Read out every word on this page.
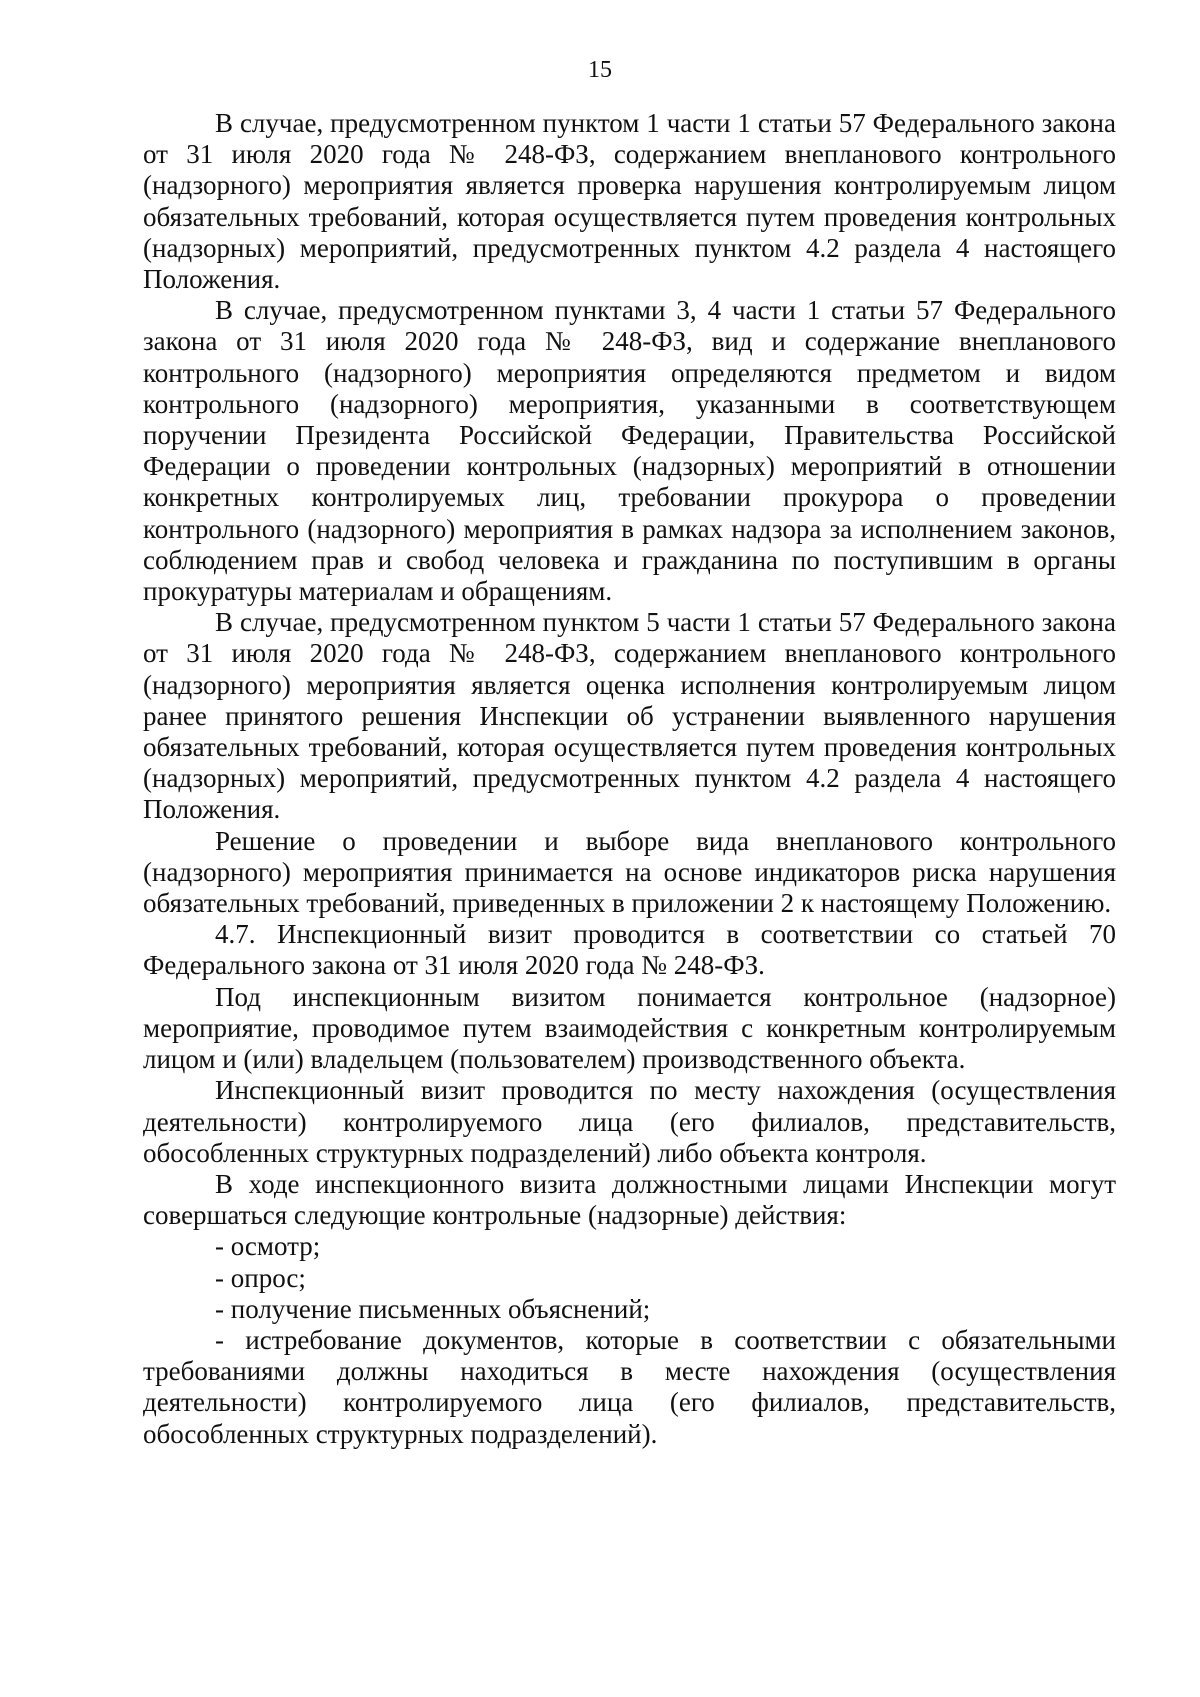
15

В случае, предусмотренном пунктом 1 части 1 статьи 57 Федерального закона от 31 июля 2020 года № 248-ФЗ, содержанием внепланового контрольного (надзорного) мероприятия является проверка нарушения контролируемым лицом обязательных требований, которая осуществляется путем проведения контрольных (надзорных) мероприятий, предусмотренных пунктом 4.2 раздела 4 настоящего Положения.

В случае, предусмотренном пунктами 3, 4 части 1 статьи 57 Федерального закона от 31 июля 2020 года № 248-ФЗ, вид и содержание внепланового контрольного (надзорного) мероприятия определяются предметом и видом контрольного (надзорного) мероприятия, указанными в соответствующем поручении Президента Российской Федерации, Правительства Российской Федерации о проведении контрольных (надзорных) мероприятий в отношении конкретных контролируемых лиц, требовании прокурора о проведении контрольного (надзорного) мероприятия в рамках надзора за исполнением законов, соблюдением прав и свобод человека и гражданина по поступившим в органы прокуратуры материалам и обращениям.

В случае, предусмотренном пунктом 5 части 1 статьи 57 Федерального закона от 31 июля 2020 года № 248-ФЗ, содержанием внепланового контрольного (надзорного) мероприятия является оценка исполнения контролируемым лицом ранее принятого решения Инспекции об устранении выявленного нарушения обязательных требований, которая осуществляется путем проведения контрольных (надзорных) мероприятий, предусмотренных пунктом 4.2 раздела 4 настоящего Положения.

Решение о проведении и выборе вида внепланового контрольного (надзорного) мероприятия принимается на основе индикаторов риска нарушения обязательных требований, приведенных в приложении 2 к настоящему Положению.

4.7. Инспекционный визит проводится в соответствии со статьей 70 Федерального закона от 31 июля 2020 года № 248-ФЗ.

Под инспекционным визитом понимается контрольное (надзорное) мероприятие, проводимое путем взаимодействия с конкретным контролируемым лицом и (или) владельцем (пользователем) производственного объекта.

Инспекционный визит проводится по месту нахождения (осуществления деятельности) контролируемого лица (его филиалов, представительств, обособленных структурных подразделений) либо объекта контроля.

В ходе инспекционного визита должностными лицами Инспекции могут совершаться следующие контрольные (надзорные) действия:

- осмотр;

- опрос;

- получение письменных объяснений;

- истребование документов, которые в соответствии с обязательными требованиями должны находиться в месте нахождения (осуществления деятельности) контролируемого лица (его филиалов, представительств, обособленных структурных подразделений).
